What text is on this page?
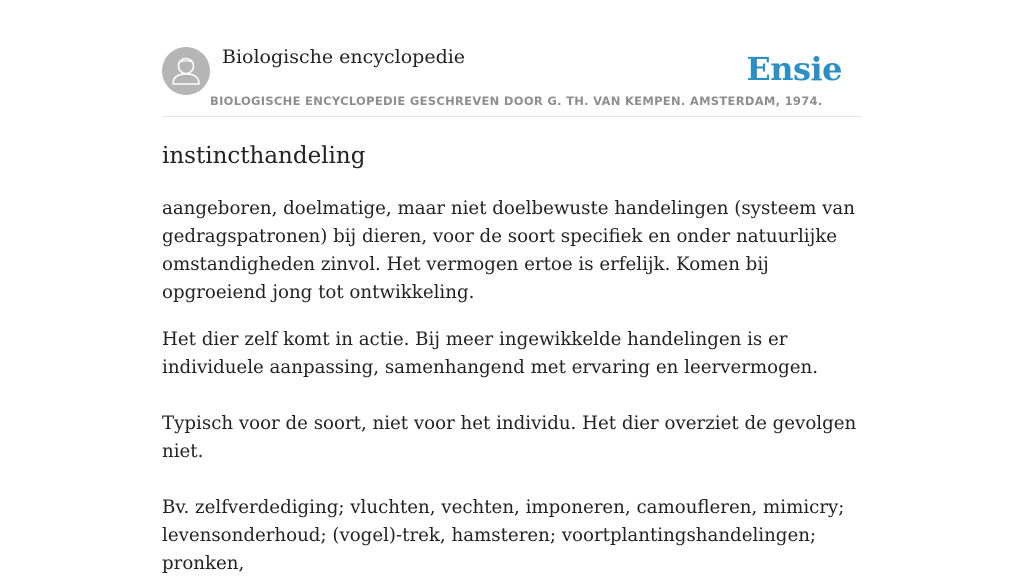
Biologische encyclopedie	Ensie
BIOLOGISCHE ENCYCLOPEDIE GESCHREVEN DOOR G. TH. VAN KEMPEN. AMSTERDAM, 1974.
instincthandeling

aangeboren, doelmatige, maar niet doelbewuste handelingen (systeem van gedragspatronen) bij dieren, voor de soort specifiek en onder natuurlijke omstandigheden zinvol. Het vermogen ertoe is erfelijk. Komen bij opgroeiend jong tot ontwikkeling.

Het dier zelf komt in actie. Bij meer ingewikkelde handelingen is er individuele aanpassing, samenhangend met ervaring en leervermogen.

Typisch voor de soort, niet voor het individu. Het dier overziet de gevolgen niet.

Bv. zelfverdediging; vluchten, vechten, imponeren, camoufleren, mimicry; levensonderhoud; (vogel)-trek, hamsteren; voortplantingshandelingen; pronken,
